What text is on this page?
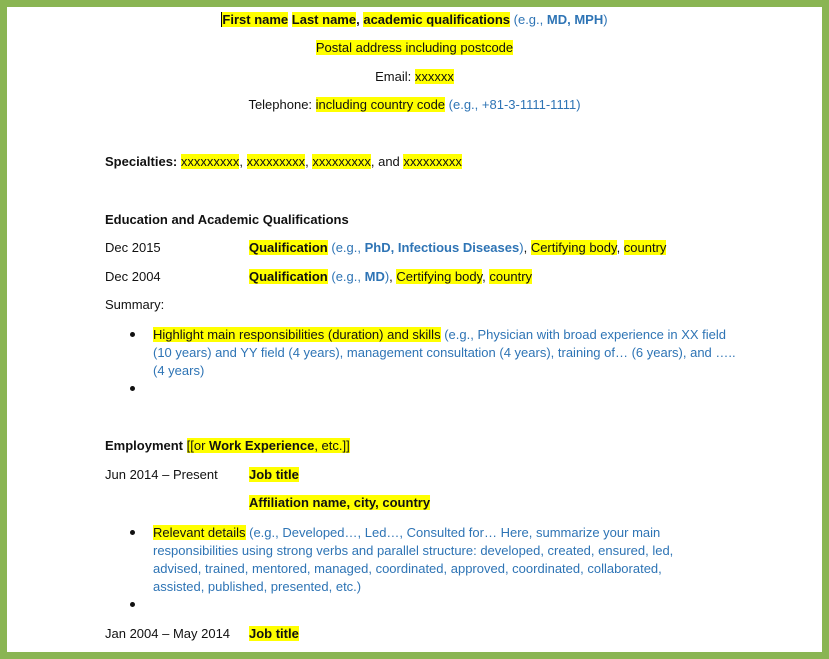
First name Last name, academic qualifications (e.g., MD, MPH)
Postal address including postcode
Email: xxxxxx
Telephone: including country code (e.g., +81-3-1111-1111)
Specialties: xxxxxxxxx, xxxxxxxxx, xxxxxxxxx, and xxxxxxxxx
Education and Academic Qualifications
Dec 2015	Qualification (e.g., PhD, Infectious Diseases), Certifying body, country
Dec 2004	Qualification (e.g., MD), Certifying body, country
Summary:
Highlight main responsibilities (duration) and skills (e.g., Physician with broad experience in XX field (10 years) and YY field (4 years), management consultation (4 years), training of… (6 years), and ….. (4 years)
Employment [[or Work Experience, etc.]]
Jun 2014 – Present Job title
Affiliation name, city, country
Relevant details (e.g., Developed…, Led…, Consulted for… Here, summarize your main responsibilities using strong verbs and parallel structure: developed, created, ensured, led, advised, trained, mentored, managed, coordinated, approved, coordinated, collaborated, assisted, published, presented, etc.)
Jan 2004 – May 2014 Job title
